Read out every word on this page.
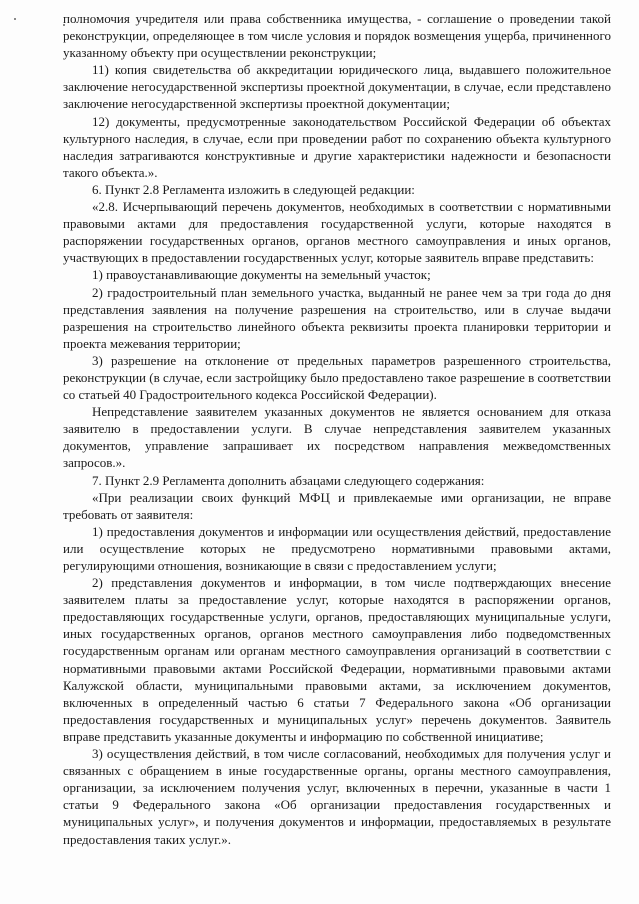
полномочия учредителя или права собственника имущества, - соглашение о проведении такой реконструкции, определяющее в том числе условия и порядок возмещения ущерба, причиненного указанному объекту при осуществлении реконструкции;

11) копия свидетельства об аккредитации юридического лица, выдавшего положительное заключение негосударственной экспертизы проектной документации, в случае, если представлено заключение негосударственной экспертизы проектной документации;

12) документы, предусмотренные законодательством Российской Федерации об объектах культурного наследия, в случае, если при проведении работ по сохранению объекта культурного наследия затрагиваются конструктивные и другие характеристики надежности и безопасности такого объекта.».

6. Пункт 2.8 Регламента изложить в следующей редакции:

«2.8. Исчерпывающий перечень документов, необходимых в соответствии с нормативными правовыми актами для предоставления государственной услуги, которые находятся в распоряжении государственных органов, органов местного самоуправления и иных органов, участвующих в предоставлении государственных услуг, которые заявитель вправе представить:

1) правоустанавливающие документы на земельный участок;

2) градостроительный план земельного участка, выданный не ранее чем за три года до дня представления заявления на получение разрешения на строительство, или в случае выдачи разрешения на строительство линейного объекта реквизиты проекта планировки территории и проекта межевания территории;

3) разрешение на отклонение от предельных параметров разрешенного строительства, реконструкции (в случае, если застройщику было предоставлено такое разрешение в соответствии со статьей 40 Градостроительного кодекса Российской Федерации).

Непредставление заявителем указанных документов не является основанием для отказа заявителю в предоставлении услуги. В случае непредставления заявителем указанных документов, управление запрашивает их посредством направления межведомственных запросов.».

7. Пункт 2.9 Регламента дополнить абзацами следующего содержания:

«При реализации своих функций МФЦ и привлекаемые ими организации, не вправе требовать от заявителя:

1) предоставления документов и информации или осуществления действий, предоставление или осуществление которых не предусмотрено нормативными правовыми актами, регулирующими отношения, возникающие в связи с предоставлением услуги;

2) представления документов и информации, в том числе подтверждающих внесение заявителем платы за предоставление услуг, которые находятся в распоряжении органов, предоставляющих государственные услуги, органов, предоставляющих муниципальные услуги, иных государственных органов, органов местного самоуправления либо подведомственных государственным органам или органам местного самоуправления организаций в соответствии с нормативными правовыми актами Российской Федерации, нормативными правовыми актами Калужской области, муниципальными правовыми актами, за исключением документов, включенных в определенный частью 6 статьи 7 Федерального закона «Об организации предоставления государственных и муниципальных услуг» перечень документов. Заявитель вправе представить указанные документы и информацию по собственной инициативе;

3) осуществления действий, в том числе согласований, необходимых для получения услуг и связанных с обращением в иные государственные органы, органы местного самоуправления, организации, за исключением получения услуг, включенных в перечни, указанные в части 1 статьи 9 Федерального закона «Об организации предоставления государственных и муниципальных услуг», и получения документов и информации, предоставляемых в результате предоставления таких услуг.».
